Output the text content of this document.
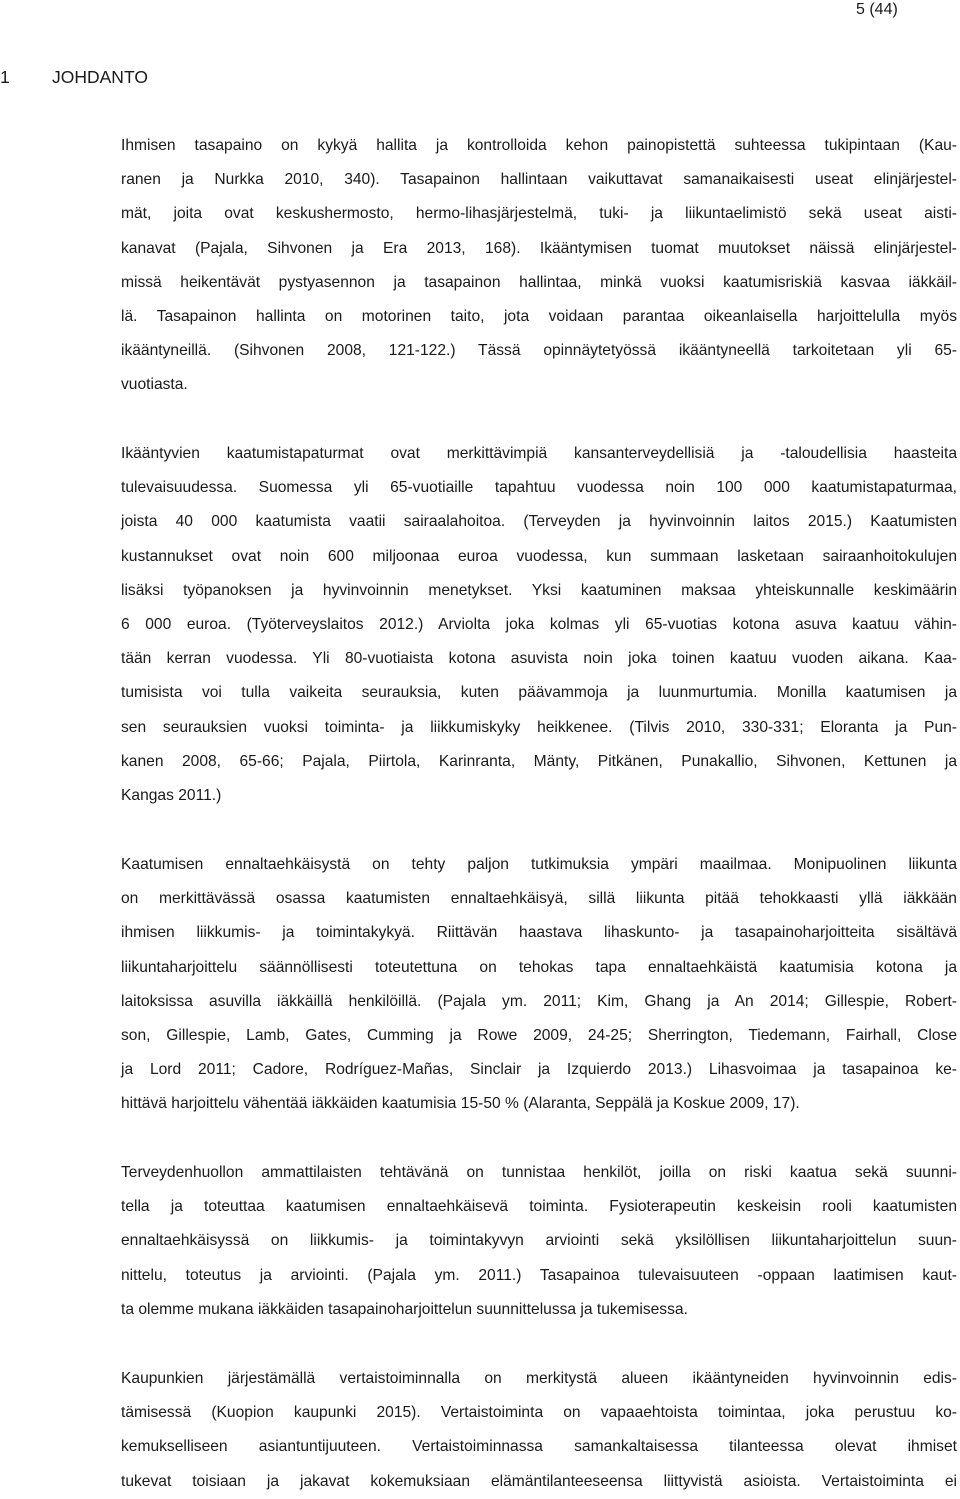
5 (44)
1 JOHDANTO
Ihmisen tasapaino on kykyä hallita ja kontrolloida kehon painopistettä suhteessa tukipintaan (Kau-
ranen ja Nurkka 2010, 340). Tasapainon hallintaan vaikuttavat samanaikaisesti useat elinjärjestel-
mät, joita ovat keskushermosto, hermo-lihasjärjestelmä, tuki- ja liikuntaelimistö sekä useat aisti-
kanavat (Pajala, Sihvonen ja Era 2013, 168). Ikääntymisen tuomat muutokset näissä elinjärjestel-
missä heikentävät pystyasennon ja tasapainon hallintaa, minkä vuoksi kaatumisriskiä kasvaa iäkkäil-
lä. Tasapainon hallinta on motorinen taito, jota voidaan parantaa oikeanlaisella harjoittelulla myös
ikääntyneillä. (Sihvonen 2008, 121-122.) Tässä opinnäytetyössä ikääntyneellä tarkoitetaan yli 65-
vuotiasta.
Ikääntyvien kaatumistapaturmat ovat merkittävimpiä kansanterveydellisiä ja -taloudellisia haasteita
tulevaisuudessa. Suomessa yli 65-vuotiaille tapahtuu vuodessa noin 100 000 kaatumistapaturmaa,
joista 40 000 kaatumista vaatii sairaalahoitoa. (Terveyden ja hyvinvoinnin laitos 2015.) Kaatumisten
kustannukset ovat noin 600 miljoonaa euroa vuodessa, kun summaan lasketaan sairaanhoitokulujen
lisäksi työpanoksen ja hyvinvoinnin menetykset. Yksi kaatuminen maksaa yhteiskunnalle keskimäärin
6 000 euroa. (Työterveyslaitos 2012.) Arviolta joka kolmas yli 65-vuotias kotona asuva kaatuu vähin-
tään kerran vuodessa. Yli 80-vuotiaista kotona asuvista noin joka toinen kaatuu vuoden aikana. Kaa-
tumisista voi tulla vaikeita seurauksia, kuten päävammoja ja luunmurtumia. Monilla kaatumisen ja
sen seurauksien vuoksi toiminta- ja liikkumiskyky heikkenee. (Tilvis 2010, 330-331; Eloranta ja Pun-
kanen 2008, 65-66; Pajala, Piirtola, Karinranta, Mänty, Pitkänen, Punakallio, Sihvonen, Kettunen ja
Kangas 2011.)
Kaatumisen ennaltaehkäisystä on tehty paljon tutkimuksia ympäri maailmaa. Monipuolinen liikunta
on merkittävässä osassa kaatumisten ennaltaehkäisyä, sillä liikunta pitää tehokkaasti yllä iäkkään
ihmisen liikkumis- ja toimintakykyä. Riittävän haastava lihaskunto- ja tasapainoharjoitteita sisältävä
liikuntaharjoittelu säännöllisesti toteutettuna on tehokas tapa ennaltaehkäistä kaatumisia kotona ja
laitoksissa asuvilla iäkkäillä henkilöillä. (Pajala ym. 2011; Kim, Ghang ja An 2014; Gillespie, Robert-
son, Gillespie, Lamb, Gates, Cumming ja Rowe 2009, 24-25; Sherrington, Tiedemann, Fairhall, Close
ja Lord 2011; Cadore, Rodríguez-Mañas, Sinclair ja Izquierdo 2013.) Lihasvoimaa ja tasapainoa ke-
hittävä harjoittelu vähentää iäkkäiden kaatumisia 15-50 % (Alaranta, Seppälä ja Koskue 2009, 17).
Terveydenhuollon ammattilaisten tehtävänä on tunnistaa henkilöt, joilla on riski kaatua sekä suunni-
tella ja toteuttaa kaatumisen ennaltaehkäisevä toiminta. Fysioterapeutin keskeisin rooli kaatumisten
ennaltaehkäisyssä on liikkumis- ja toimintakyvyn arviointi sekä yksilöllisen liikuntaharjoittelun suun-
nittelu, toteutus ja arviointi. (Pajala ym. 2011.) Tasapainoa tulevaisuuteen -oppaan laatimisen kaut-
ta olemme mukana iäkkäiden tasapainoharjoittelun suunnittelussa ja tukemisessa.
Kaupunkien järjestämällä vertaistoiminnalla on merkitystä alueen ikääntyneiden hyvinvoinnin edis-
tämisessä (Kuopion kaupunki 2015). Vertaistoiminta on vapaaehtoista toimintaa, joka perustuu ko-
kemukselliseen asiantuntijuuteen. Vertaistoiminnassa samankaltaisessa tilanteessa olevat ihmiset
tukevat toisiaan ja jakavat kokemuksiaan elämäntilanteeseensa liittyvistä asioista. Vertaistoiminta ei
